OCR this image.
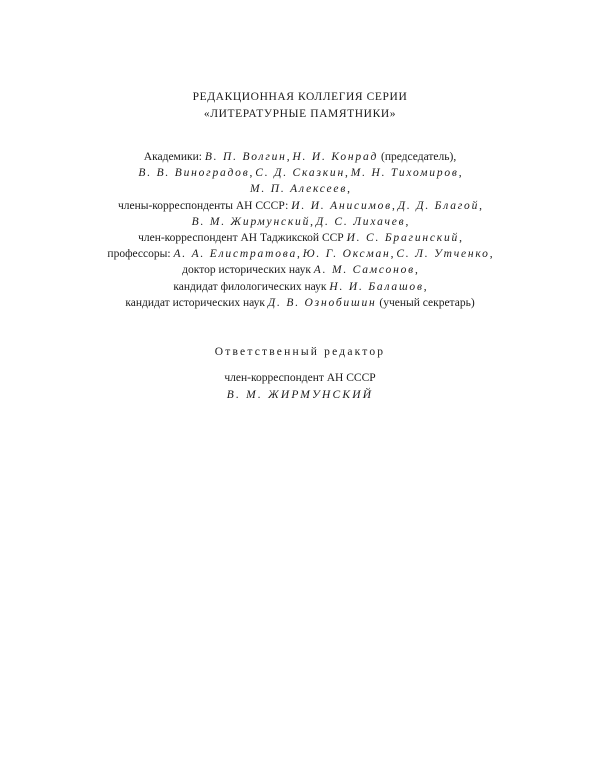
РЕДАКЦИОННАЯ КОЛЛЕГИЯ СЕРИИ
«ЛИТЕРАТУРНЫЕ ПАМЯТНИКИ»
Академики: В. П. Волгин, Н. И. Конрад (председатель),
В. В. Виноградов, С. Д. Сказкин, М. Н. Тихомиров,
М. П. Алексеев,
члены-корреспонденты АН СССР: И. И. Анисимов, Д. Д. Благой,
В. М. Жирмунский, Д. С. Лихачев,
член-корреспондент АН Таджикской ССР И. С. Брагинский,
профессоры: А. А. Елистратова, Ю. Г. Оксман, С. Л. Утченко,
доктор исторических наук А. М. Самсонов,
кандидат филологических наук Н. И. Балашов,
кандидат исторических наук Д. В. Ознобишин (ученый секретарь)
Ответственный редактор
член-корреспондент АН СССР
В. М. ЖИРМУНСКИЙ
